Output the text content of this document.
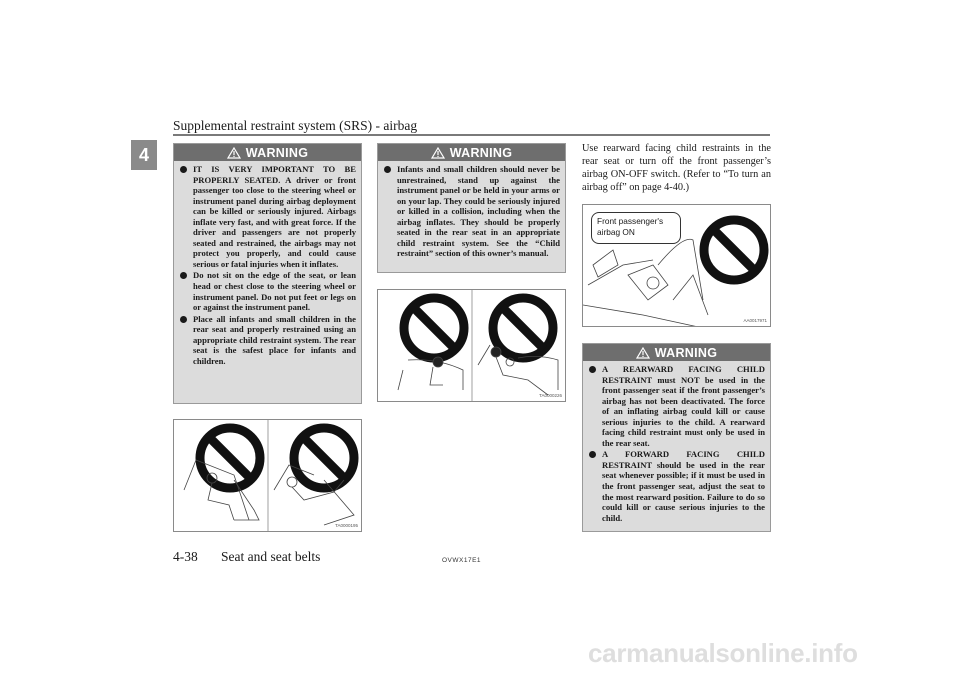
Supplemental restraint system (SRS) - airbag
4	WARNING

IT IS VERY IMPORTANT TO BE PROPERLY SEATED. A driver or front passenger too close to the steering wheel or instrument panel during airbag deployment can be killed or seriously injured. Airbags inflate very fast, and with great force. If the driver and passengers are not properly seated and restrained, the airbags may not protect you properly, and could cause serious or fatal injuries when it inflates.

Do not sit on the edge of the seat, or lean head or chest close to the steering wheel or instrument panel. Do not put feet or legs on or against the instrument panel.

Place all infants and small children in the rear seat and properly restrained using an appropriate child restraint system. The rear seat is the safest place for infants and children.

TA0000195
WARNING

Infants and small children should never be unrestrained, stand up against the instrument panel or be held in your arms or on your lap. They could be seriously injured or killed in a collision, including when the airbag inflates. They should be properly seated in the rear seat in an appropriate child restraint system. See the “Child restraint” section of this owner’s manual.

TA0000226
Use rearward facing child restraints in the rear seat or turn off the front passenger’s airbag ON-OFF switch. (Refer to “To turn an airbag off” on page 4-40.)
AA0017971
Front passenger's airbag ON
WARNING

A REARWARD FACING CHILD RESTRAINT must NOT be used in the front passenger seat if the front passenger’s airbag has not been deactivated. The force of an inflating airbag could kill or cause serious injuries to the child. A rearward facing child restraint must only be used in the rear seat.

A FORWARD FACING CHILD RESTRAINT should be used in the rear seat whenever possible; if it must be used in the front passenger seat, adjust the seat to the most rearward position. Failure to do so could kill or cause serious injuries to the child.

4-38 Seat and seat belts	OVWX17E1
carmanualsonline.info
